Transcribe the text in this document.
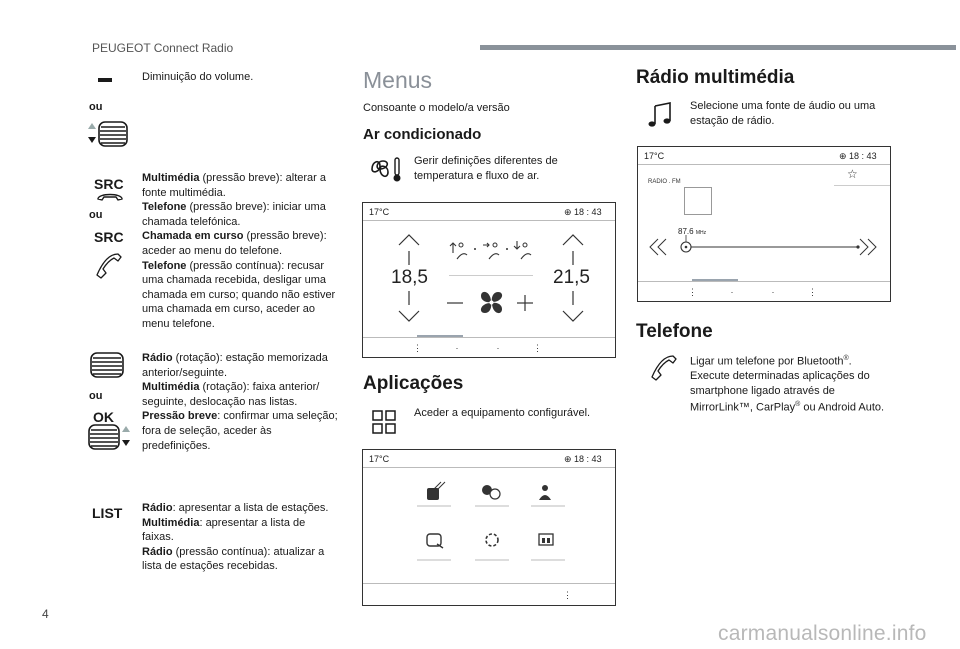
PEUGEOT Connect Radio
Diminuição do volume.
ou
SRC
ou
SRC
Multimédia (pressão breve): alterar a fonte multimédia.
Telefone (pressão breve): iniciar uma chamada telefónica.
Chamada em curso (pressão breve): aceder ao menu do telefone.
Telefone (pressão contínua): recusar uma chamada recebida, desligar uma chamada em curso; quando não estiver uma chamada em curso, aceder ao menu telefone.
ou
OK
Rádio (rotação): estação memorizada anterior/seguinte.
Multimédia (rotação): faixa anterior/ seguinte, deslocação nas listas.
Pressão breve: confirmar uma seleção; fora de seleção, aceder às predefinições.
LIST Rádio: apresentar a lista de estações.
Multimédia: apresentar a lista de faixas.
Rádio (pressão contínua): atualizar a lista de estações recebidas.
Menus
Consoante o modelo/a versão
Ar condicionado
Gerir definições diferentes de temperatura e fluxo de ar.
17°C	⊕ 18 : 43
18,5	21,5
⋮       ·        ·       ⋮
Aplicações
Aceder a equipamento configurável.
17°C	⊕ 18 : 43
⋮
Rádio multimédia
Selecione uma fonte de áudio ou uma estação de rádio.
17°C	⊕ 18 : 43
☆
RADIO . FM
87.6 MHz
⋮       ·        ·       ⋮
Telefone
Ligar um telefone por Bluetooth®. Execute determinadas aplicações do smartphone ligado através de MirrorLink™, CarPlay® ou Android Auto.
4
carmanualsonline.info
